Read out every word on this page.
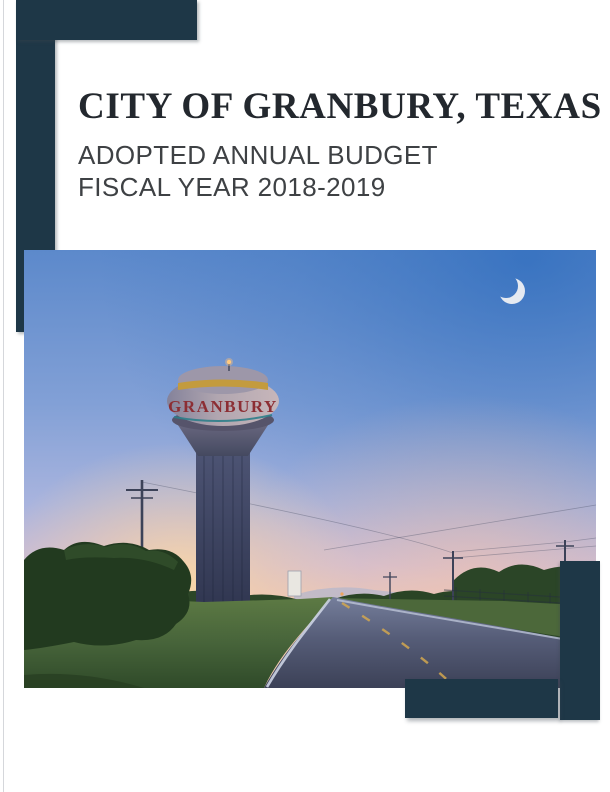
CITY OF GRANBURY, TEXAS

ADOPTED ANNUAL BUDGET

FISCAL YEAR 2018-2019

GRANBURY
